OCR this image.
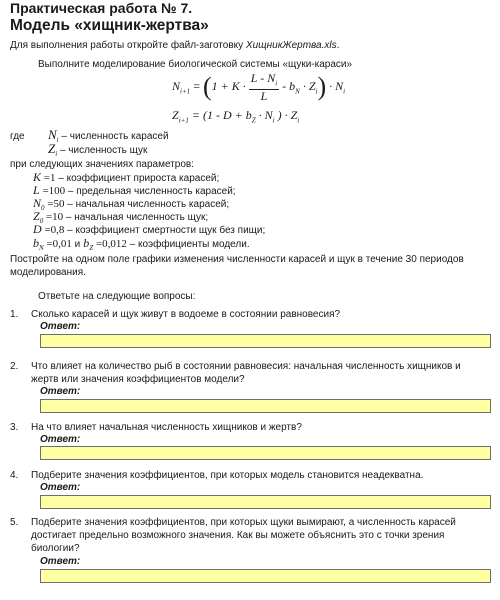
Практическая работа № 7.
Модель «хищник-жертва»
Для выполнения работы откройте файл-заготовку ХищникЖертва.xls.
Выполните моделирование биологической системы «щуки-караси»
$N_{i+1} = (1 + K \cdot \frac{L - N_i}{L} - b_N \cdot Z_i) \cdot N_i$
$Z_{i+1} = (1 - D + b_Z \cdot N_i$ ) · $Z_i$
где $N_i$ – численность карасей
$Z_i$ – численность щук
при следующих значениях параметров:
K =1 – коэффициент прироста карасей;
L =100 – предельная численность карасей;
$N_0 =50$ – начальная численность карасей;
$Z_0 =10$ – начальная численность щук;
D =0,8 – коэффициент смертности щук без пищи;
$b_N =0,01$ и $b_Z =0,012$ – коэффициенты модели.
Постройте на одном поле графики изменения численности карасей и щук в течение 30 периодов
моделирования.
Ответьте на следующие вопросы:
1. Сколько карасей и щук живут в водоеме в состоянии равновесия?
Ответ:
2. Что влияет на количество рыб в состоянии равновесия: начальная численность хищников и
жертв или значения коэффициентов модели?
Ответ:
3. На что влияет начальная численность хищников и жертв?
Ответ:
4. Подберите значения коэффициентов, при которых модель становится неадекватна.
Ответ:
5. Подберите значения коэффициентов, при которых щуки вымирают, а численность карасей
достигает предельно возможного значения. Как вы можете объяснить это с точки зрения
биологии?
Ответ:
